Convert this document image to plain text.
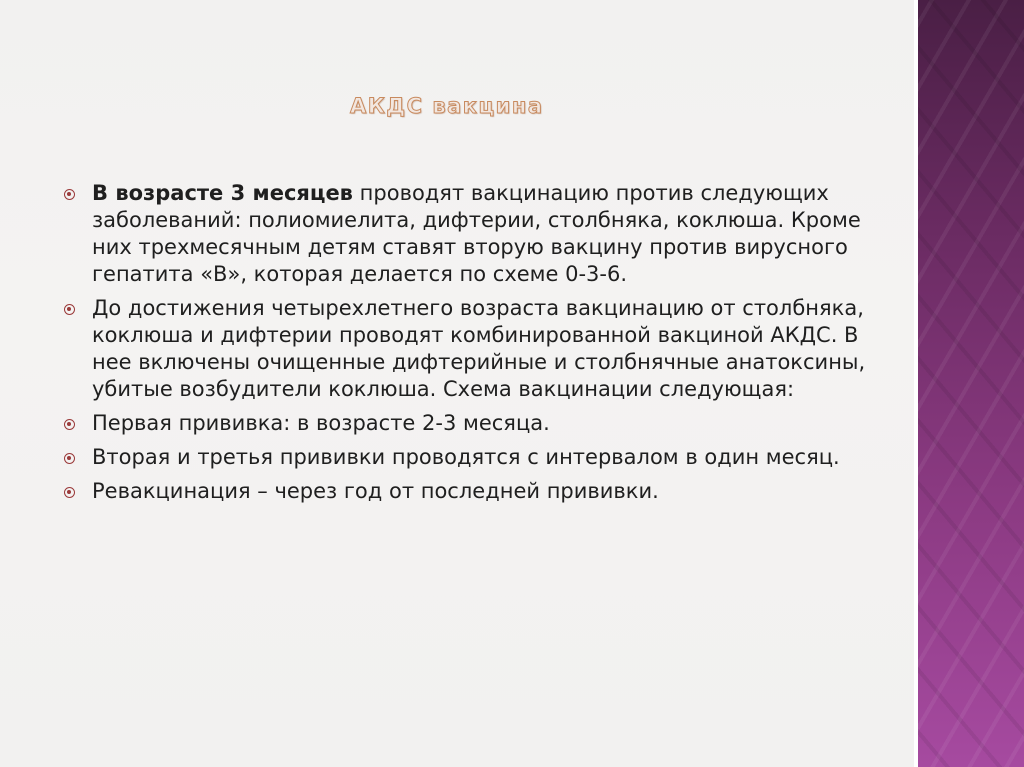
АКДС вакцина
В возрасте 3 месяцев проводят вакцинацию против следующих заболеваний: полиомиелита, дифтерии, столбняка, коклюша. Кроме них трехмесячным детям ставят вторую вакцину против вирусного гепатита «В», которая делается по схеме 0-3-6.
До достижения четырехлетнего возраста вакцинацию от столбняка, коклюша и дифтерии проводят комбинированной вакциной АКДС. В нее включены очищенные дифтерийные и столбнячные анатоксины, убитые возбудители коклюша. Схема вакцинации следующая:
Первая прививка: в возрасте 2-3 месяца.
Вторая и третья прививки проводятся с интервалом в один месяц.
Ревакцинация – через год от последней прививки.
